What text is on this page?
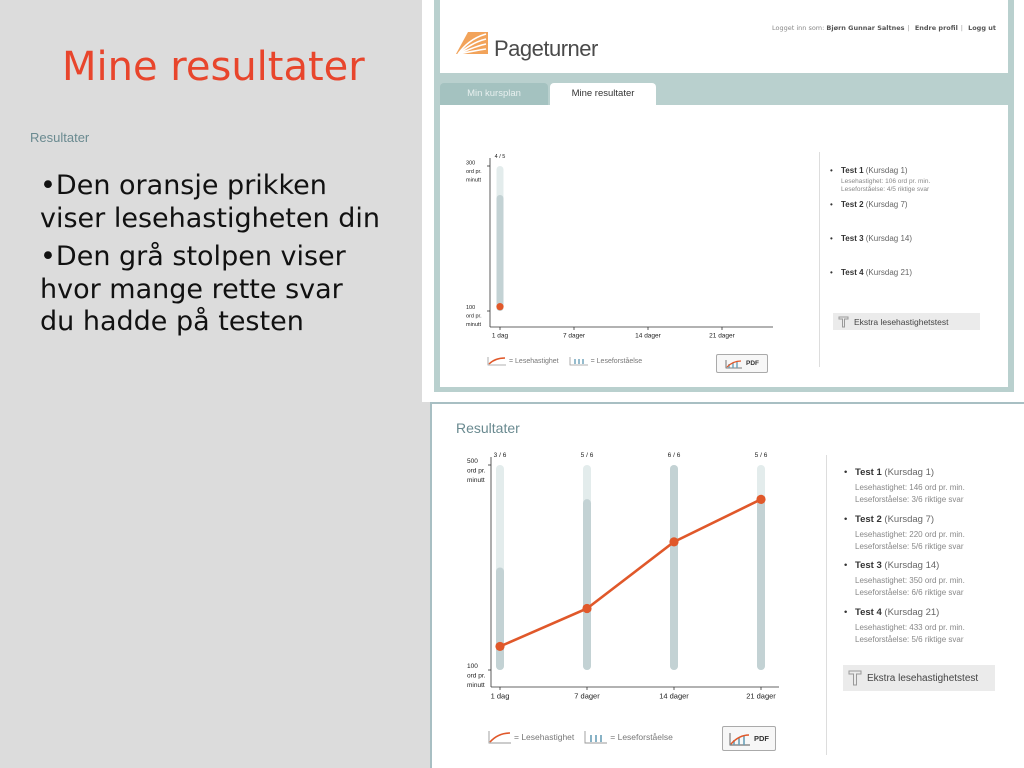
Mine resultater
•Den oransje prikken viser lesehastigheten din
•Den grå stolpen viser hvor mange rette svar du hadde på testen
Pageturner
Logget inn som: Bjørn Gunnar Saltnes | Endre profil | Logg ut
Min kursplan	Mine resultater
Resultater
1 dag	7 dager	14 dager	21 dager
300
ord pr.
minutt
100
ord pr.
minutt
4 / 5
• Test 1 (Kursdag 1)
Lesehastighet: 106 ord pr. min.
Leseforståelse: 4/5 riktige svar
• Test 2 (Kursdag 7)
• Test 3 (Kursdag 14)
• Test 4 (Kursdag 21)
Ekstra lesehastighetstest
= Lesehastighet	= Leseforståelse	PDF
Resultater
1 dag	7 dager	14 dager	21 dager
500
ord pr.
minutt
100
ord pr.
minutt
3 / 6	5 / 6	6 / 6	5 / 6
• Test 1 (Kursdag 1)
Lesehastighet: 146 ord pr. min.
Leseforståelse: 3/6 riktige svar
• Test 2 (Kursdag 7)
Lesehastighet: 220 ord pr. min.
Leseforståelse: 5/6 riktige svar
• Test 3 (Kursdag 14)
Lesehastighet: 350 ord pr. min.
Leseforståelse: 6/6 riktige svar
• Test 4 (Kursdag 21)
Lesehastighet: 433 ord pr. min.
Leseforståelse: 5/6 riktige svar
Ekstra lesehastighetstest
= Lesehastighet	= Leseforståelse	PDF
